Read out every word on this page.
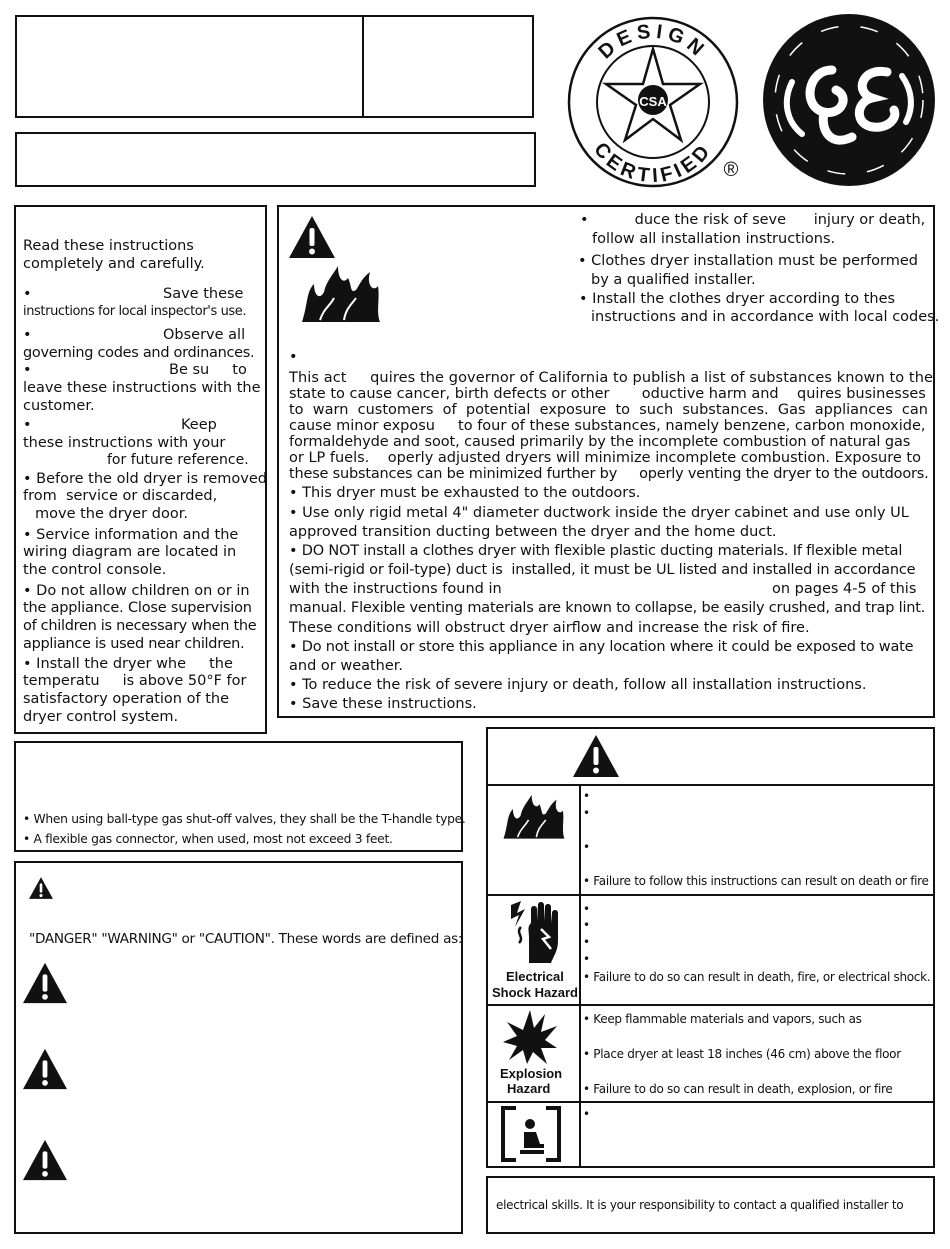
CSA
DESIGN
CERTIFIED
®

Read these instructions

completely and carefully.

•	Save these
instructions for local inspector's use.
•	Observe all
governing codes and ordinances.
•	Be su     to
leave these instructions with the
customer.
•	Keep
these instructions with your
for future reference.
• Before the old dryer is removed
from  service or discarded,
move the dryer door.
• Service information and the
wiring diagram are located in
the control console.
• Do not allow children on or in
the appliance. Close supervision
of children is necessary when the
appliance is used near children.
• Install the dryer whe     the
temperatu     is above 50°F for
satisfactory operation of the
dryer control system.
•          duce the risk of seve      injury or death,
follow all installation instructions.
• Clothes dryer installation must be performed
by a qualified installer.
• Install the clothes dryer according to thes
instructions and in accordance with local codes.
•
This act     quires the governor of California to publish a list of substances known to the
state to cause cancer, birth defects or other       oductive harm and    quires businesses
to  warn  customers  of  potential  exposure  to  such  substances.  Gas  appliances  can
cause minor exposu     to four of these substances, namely benzene, carbon monoxide,
formaldehyde and soot, caused primarily by the incomplete combustion of natural gas
or LP fuels.    operly adjusted dryers will minimize incomplete combustion. Exposure to
these substances can be minimized further by     operly venting the dryer to the outdoors.
• This dryer must be exhausted to the outdoors.
• Use only rigid metal 4" diameter ductwork inside the dryer cabinet and use only UL
approved transition ducting between the dryer and the home duct.
• DO NOT install a clothes dryer with flexible plastic ducting materials. If flexible metal
(semi-rigid or foil-type) duct is  installed, it must be UL listed and installed in accordance
with the instructions found in	on pages 4-5 of this
manual. Flexible venting materials are known to collapse, be easily crushed, and trap lint.
These conditions will obstruct dryer airflow and increase the risk of fire.
• Do not install or store this appliance in any location where it could be exposed to wate
and or weather.
• To reduce the risk of severe injury or death, follow all installation instructions.
• Save these instructions.
• When using ball-type gas shut-off valves, they shall be the T-handle type.
• A flexible gas connector, when used, most not exceed 3 feet.
"DANGER" "WARNING" or "CAUTION". These words are defined as:
•
•
•
• Failure to follow this instructions can result on death or fire
Electrical
Shock Hazard
•
•
•
•
• Failure to do so can result in death, fire, or electrical shock.
Explosion
Hazard
• Keep flammable materials and vapors, such as
• Place dryer at least 18 inches (46 cm) above the floor
• Failure to do so can result in death, explosion, or fire
•
electrical skills. It is your responsibility to contact a qualified installer to
